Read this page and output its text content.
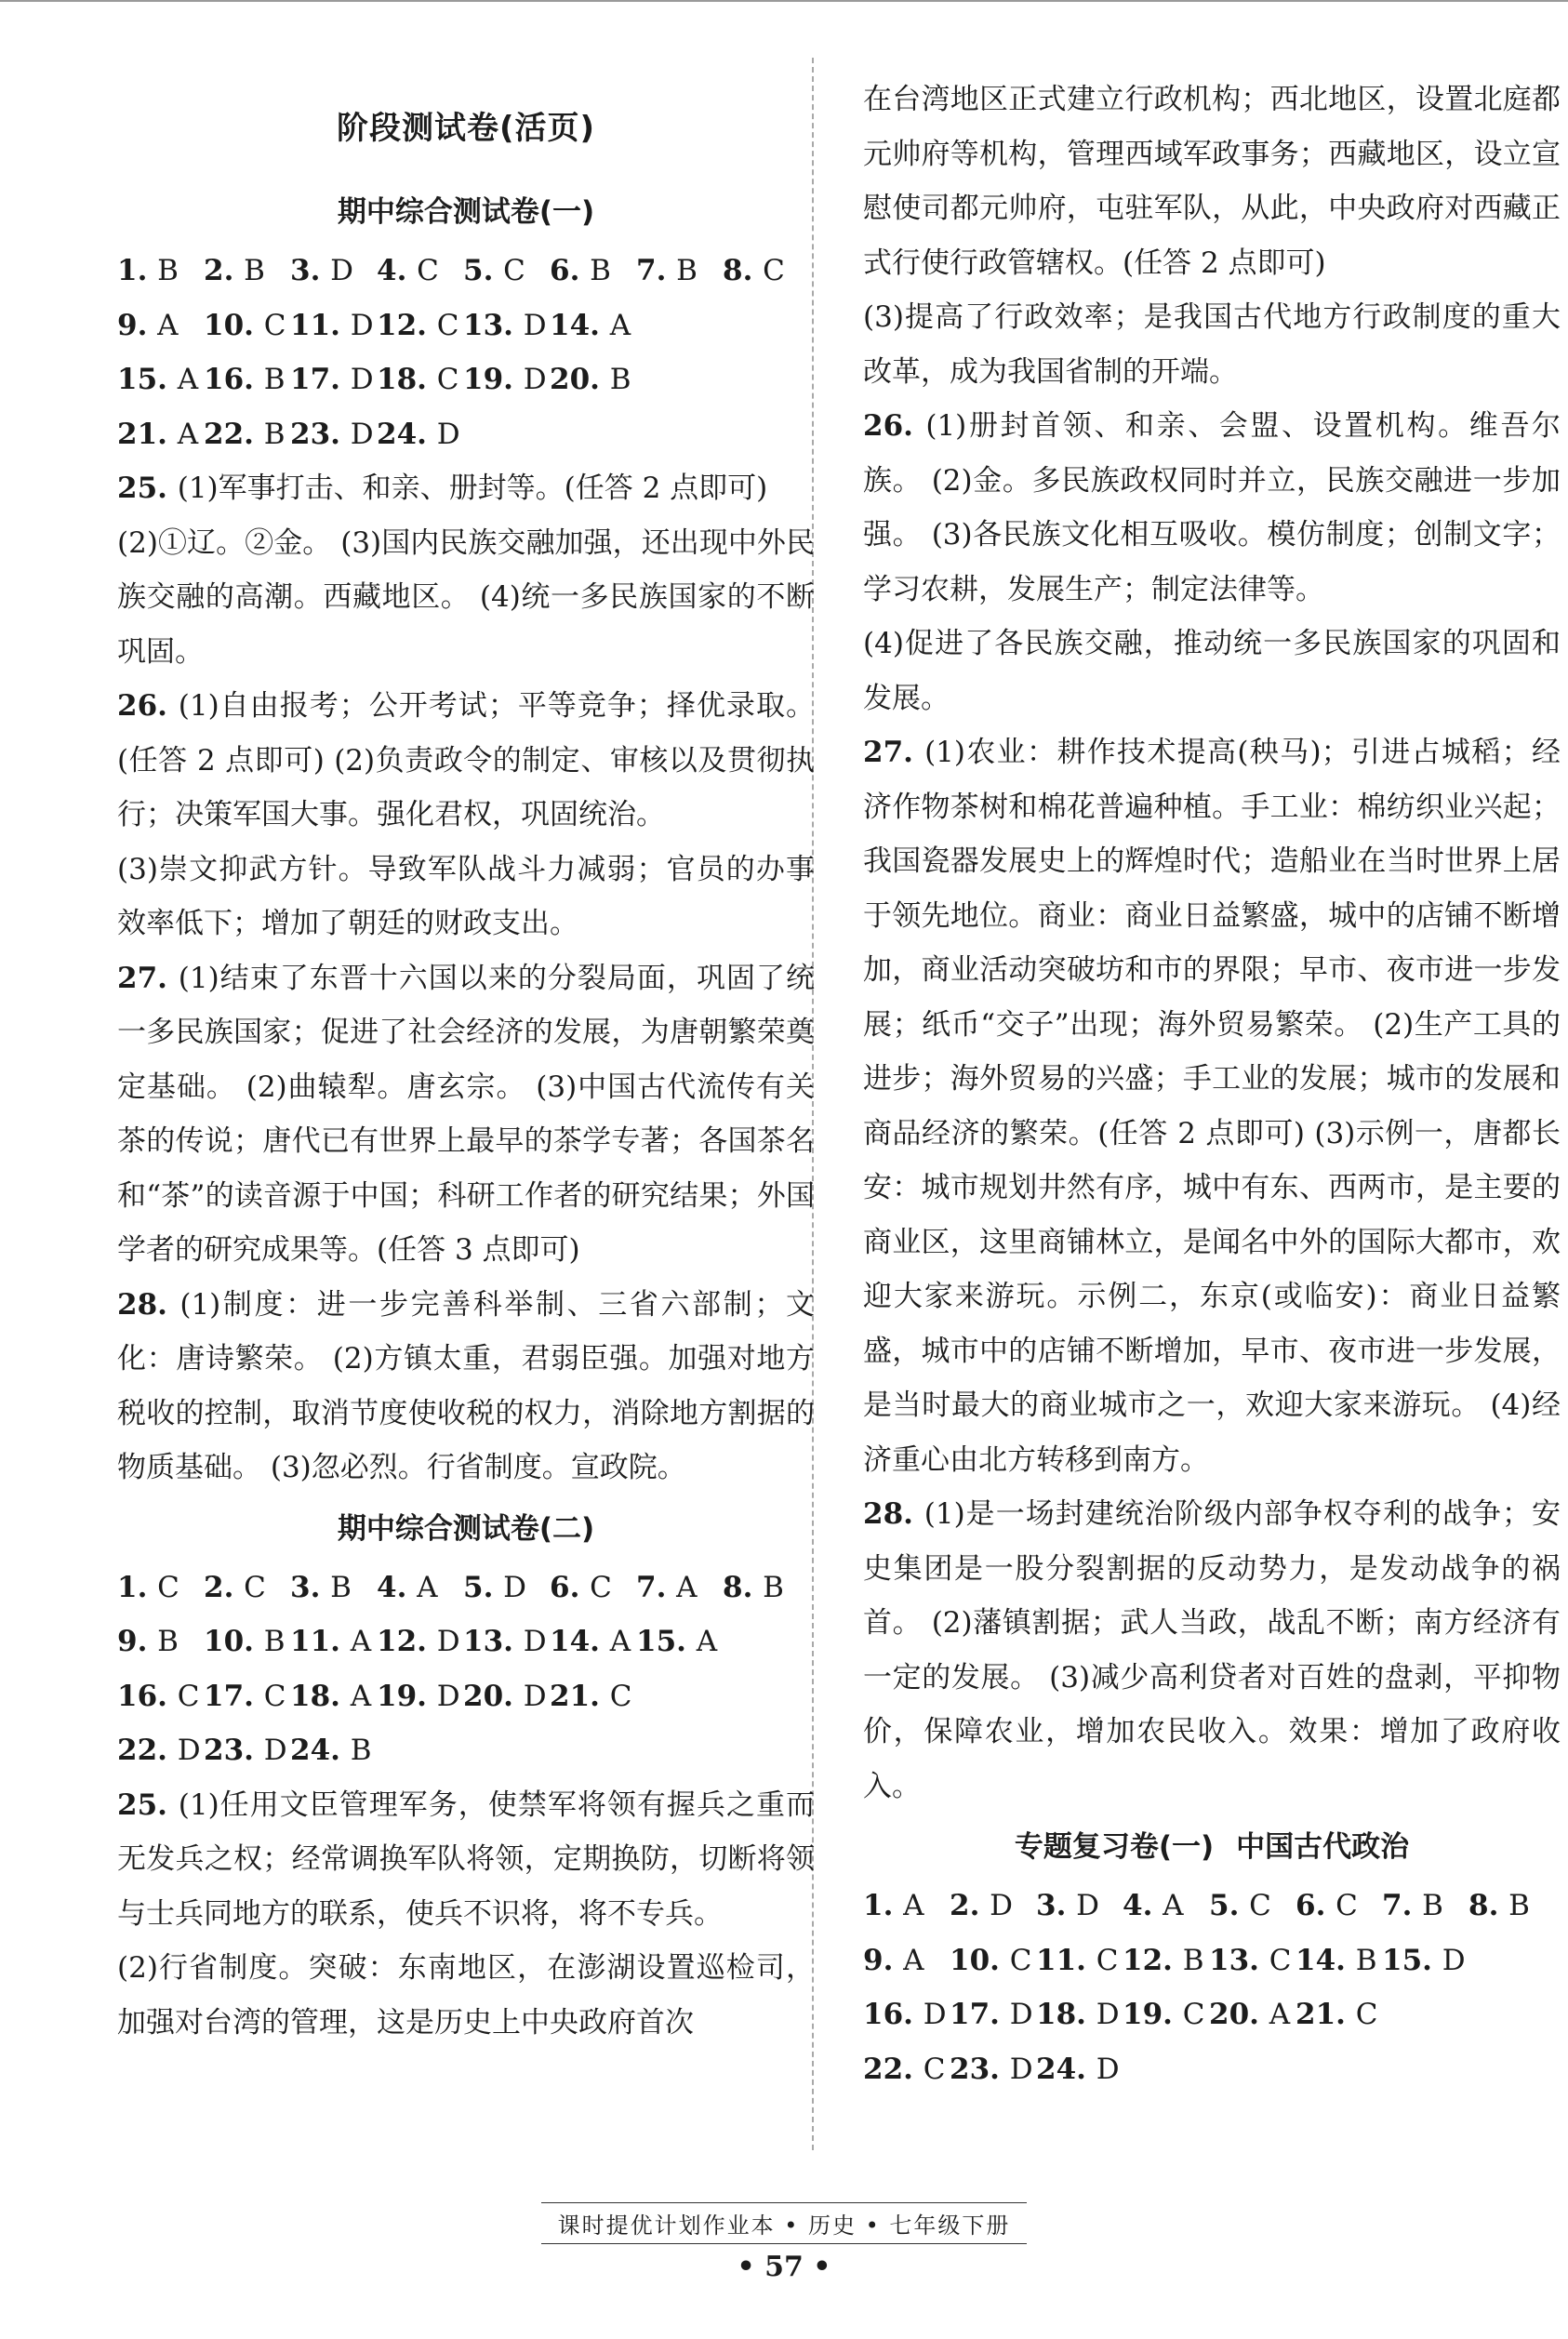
阶段测试卷(活页)
期中综合测试卷(一)
1 . B 2 . B 3 . D 4 . C 5 . C 6 . B 7 . B 8 . C
9 . A 10 . C 11 . D 12 . C 13 . D 14 . A
15 . A 16 . B 17 . D 18 . C 19 . D 20 . B
21 . A 22 . B 23 . D 24 . D

25 . (1)军事打击、和亲、册封等。(任答 2 点即可)

(2)①辽。②金。 (3)国内民族交融加强，还出现中外民族交融的高潮。西藏地区。 (4)统一多民族国家的不断巩固。

26 . (1)自由报考；公开考试；平等竞争；择优录取。(任答 2 点即可) (2)负责政令的制定、审核以及贯彻执行；决策军国大事。强化君权，巩固统治。

(3)崇文抑武方针。导致军队战斗力减弱；官员的办事效率低下；增加了朝廷的财政支出。

27 . (1)结束了东晋十六国以来的分裂局面，巩固了统一多民族国家；促进了社会经济的发展，为唐朝繁荣奠定基础。 (2)曲辕犁。唐玄宗。 (3)中国古代流传有关茶的传说；唐代已有世界上最早的茶学专著；各国茶名和“茶”的读音源于中国；科研工作者的研究结果；外国学者的研究成果等。(任答 3 点即可)

28 . (1)制度：进一步完善科举制、三省六部制；文化：唐诗繁荣。 (2)方镇太重，君弱臣强。加强对地方税收的控制，取消节度使收税的权力，消除地方割据的物质基础。 (3)忽必烈。行省制度。宣政院。

期中综合测试卷(二)
1 . C 2 . C 3 . B 4 . A 5 . D 6 . C 7 . A 8 . B
9 . B 10 . B 11 . A 12 . D 13 . D 14 . A 15 . A
16 . C 17 . C 18 . A 19 . D 20 . D 21 . C
22 . D 23 . D 24 . B

25 . (1)任用文臣管理军务，使禁军将领有握兵之重而无发兵之权；经常调换军队将领，定期换防，切断将领与士兵同地方的联系，使兵不识将，将不专兵。

(2)行省制度。突破：东南地区，在澎湖设置巡检司，加强对台湾的管理，这是历史上中央政府首次

在台湾地区正式建立行政机构；西北地区，设置北庭都元帅府等机构，管理西域军政事务；西藏地区，设立宣慰使司都元帅府，屯驻军队，从此，中央政府对西藏正式行使行政管辖权。(任答 2 点即可)

(3)提高了行政效率；是我国古代地方行政制度的重大改革，成为我国省制的开端。

26 . (1)册封首领、和亲、会盟、设置机构。维吾尔族。 (2)金。多民族政权同时并立，民族交融进一步加强。 (3)各民族文化相互吸收。模仿制度；创制文字；学习农耕，发展生产；制定法律等。

(4)促进了各民族交融，推动统一多民族国家的巩固和发展。

27 . (1)农业：耕作技术提高(秧马)；引进占城稻；经济作物茶树和棉花普遍种植。手工业：棉纺织业兴起；我国瓷器发展史上的辉煌时代；造船业在当时世界上居于领先地位。商业：商业日益繁盛，城中的店铺不断增加，商业活动突破坊和市的界限；早市、夜市进一步发展；纸币“交子”出现；海外贸易繁荣。 (2)生产工具的进步；海外贸易的兴盛；手工业的发展；城市的发展和商品经济的繁荣。(任答 2 点即可) (3)示例一，唐都长安：城市规划井然有序，城中有东、西两市，是主要的商业区，这里商铺林立，是闻名中外的国际大都市，欢迎大家来游玩。示例二，东京(或临安)：商业日益繁盛，城市中的店铺不断增加，早市、夜市进一步发展，是当时最大的商业城市之一，欢迎大家来游玩。 (4)经济重心由北方转移到南方。

28 . (1)是一场封建统治阶级内部争权夺利的战争；安史集团是一股分裂割据的反动势力，是发动战争的祸首。 (2)藩镇割据；武人当政，战乱不断；南方经济有一定的发展。 (3)减少高利贷者对百姓的盘剥，平抑物价，保障农业，增加农民收入。效果：增加了政府收入。

专题复习卷(一) 中国古代政治
1 . A 2 . D 3 . D 4 . A 5 . C 6 . C 7 . B 8 . B
9 . A 10 . C 11 . C 12 . B 13 . C 14 . B 15 . D
16 . D 17 . D 18 . D 19 . C 20 . A 21 . C
22 . C 23 . D 24 . D
课时提优计划作业本 • 历史 • 七年级下册
• 57 •
